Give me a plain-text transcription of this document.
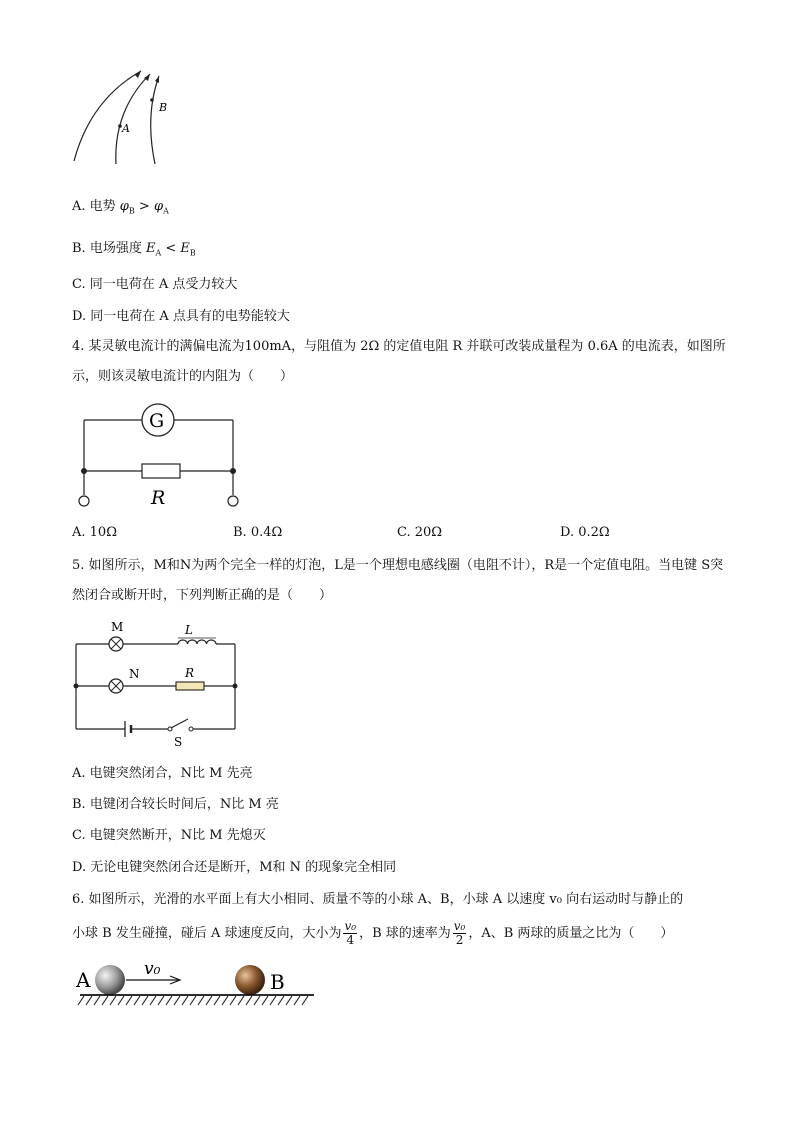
A
B
A. 电势 $\varphi_B > \varphi_A$
B. 电场强度 $E_A < E_B$
C. 同一电荷在 A 点受力较大
D. 同一电荷在 A 点具有的电势能较大
4. 某灵敏电流计的满偏电流为100mA，与阻值为 2Ω 的定值电阻 R 并联可改装成量程为 0.6A 的电流表，如图所示，则该灵敏电流计的内阻为（　　）
G
R
A. 10Ω	B. 0.4Ω	C. 20Ω	D. 0.2Ω
5. 如图所示，M和N为两个完全一样的灯泡，L是一个理想电感线圈（电阻不计），R是一个定值电阻。当电键 S突然闭合或断开时，下列判断正确的是（　　）
M	L
N	R
S
A. 电键突然闭合，N比 M 先亮
B. 电键闭合较长时间后，N比 M 亮
C. 电键突然断开，N比 M 先熄灭
D. 无论电键突然闭合还是断开，M和 N 的现象完全相同
6. 如图所示，光滑的水平面上有大小相同、质量不等的小球 A、B，小球 A 以速度 v₀ 向右运动时与静止的
小球 B 发生碰撞，碰后 A 球速度反向，大小为 $\frac{\text{v₀}}{4}$ ，B 球的速率为 $\frac{\text{v₀}}{2}$ ，A、B 两球的质量之比为（　　）
A	v₀
B
